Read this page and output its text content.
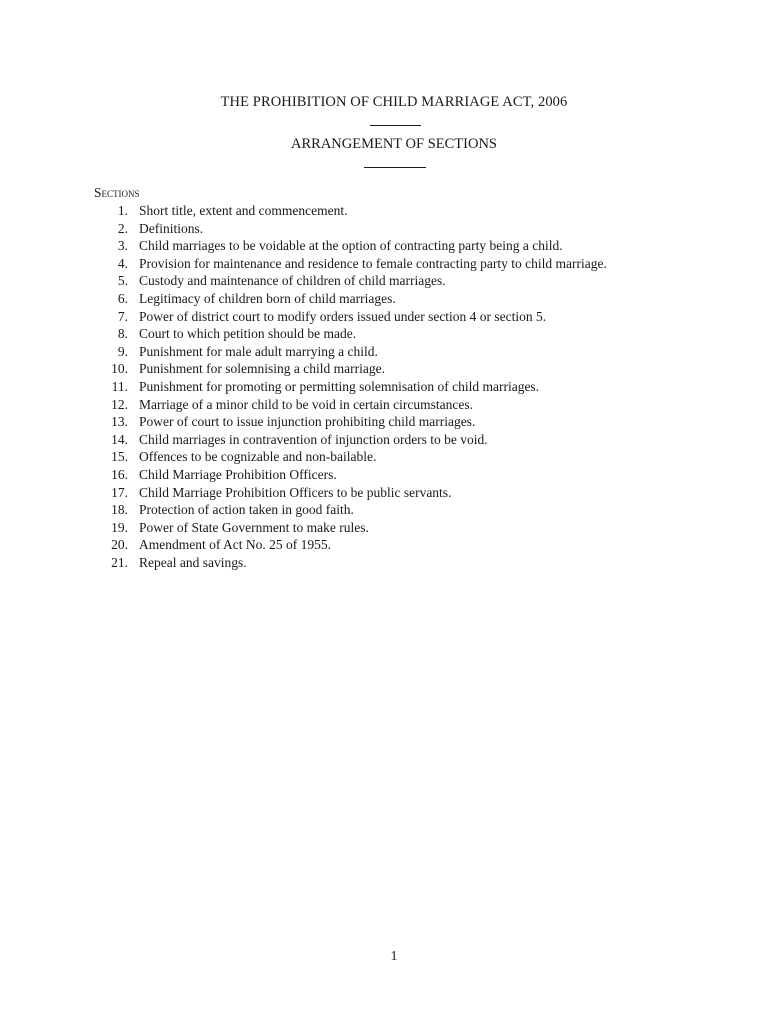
THE PROHIBITION OF CHILD MARRIAGE ACT, 2006
ARRANGEMENT OF SECTIONS
Sections
1. Short title, extent and commencement.
2. Definitions.
3. Child marriages to be voidable at the option of contracting party being a child.
4. Provision for maintenance and residence to female contracting party to child marriage.
5. Custody and maintenance of children of child marriages.
6. Legitimacy of children born of child marriages.
7. Power of district court to modify orders issued under section 4 or section 5.
8. Court to which petition should be made.
9. Punishment for male adult marrying a child.
10. Punishment for solemnising a child marriage.
11. Punishment for promoting or permitting solemnisation of child marriages.
12. Marriage of a minor child to be void in certain circumstances.
13. Power of court to issue injunction prohibiting child marriages.
14. Child marriages in contravention of injunction orders to be void.
15. Offences to be cognizable and non-bailable.
16. Child Marriage Prohibition Officers.
17. Child Marriage Prohibition Officers to be public servants.
18. Protection of action taken in good faith.
19. Power of State Government to make rules.
20. Amendment of Act No. 25 of 1955.
21. Repeal and savings.
1
